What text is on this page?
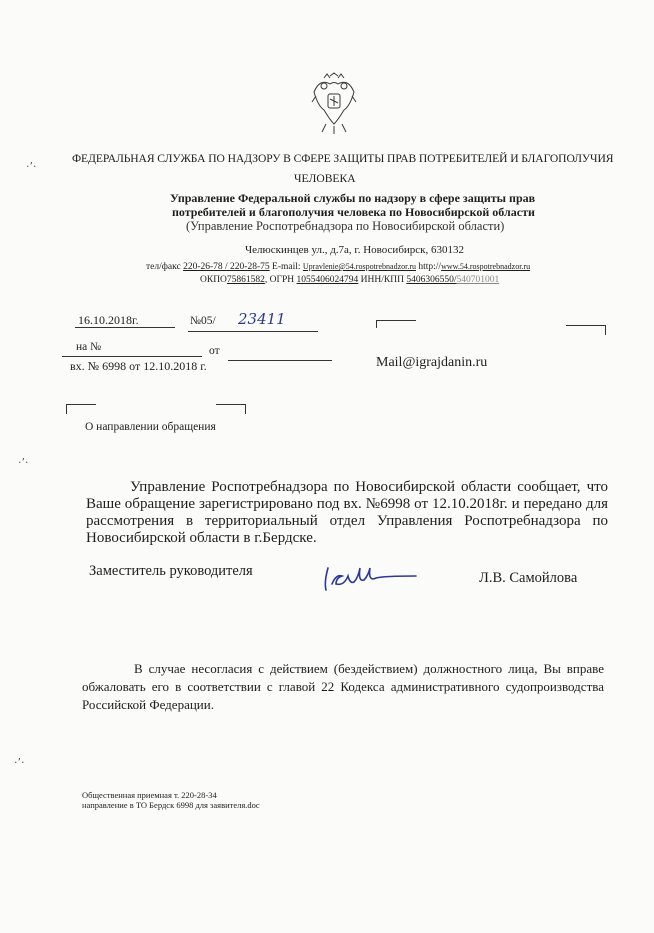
ФЕДЕРАЛЬНАЯ СЛУЖБА ПО НАДЗОРУ В СФЕРЕ ЗАЩИТЫ ПРАВ ПОТРЕБИТЕЛЕЙ И БЛАГОПОЛУЧИЯ
ЧЕЛОВЕКА
Управление Федеральной службы по надзору в сфере защиты прав
потребителей и благополучия человека по Новосибирской области
(Управление Роспотребнадзора по Новосибирской области)
Челюскинцев ул., д.7а, г. Новосибирск, 630132
тел/факс 220-26-78 / 220-28-75 E-mail: Upravlenie@54.rospotrebnadzor.ru http://www.54.rospotrebnadzor.ru
ОКПО75861582, ОГРН 1055406024794 ИНН/КПП 5406306550/540701001
16.10.2018г.	№05/ 23411
на №	от
вх. № 6998 от 12.10.2018 г.	Mail@igrajdanin.ru
О направлении обращения

Управление Роспотребнадзора по Новосибирской области сообщает, что Ваше обращение зарегистрировано под вх. №6998 от 12.10.2018г. и передано для рассмотрения в территориальный отдел Управления Роспотребнадзора по Новосибирской области в г.Бердске.

Заместитель руководителя	Л.В. Самойлова

В случае несогласия с действием (бездействием) должностного лица, Вы вправе обжаловать его в соответствии с главой 22 Кодекса административного судопроизводства Российской Федерации.

Общественная приемная т. 220-28-34
направление в ТО Бердск 6998 для заявителя.doc
·ʼ·
·ʼ·
·ʼ·
